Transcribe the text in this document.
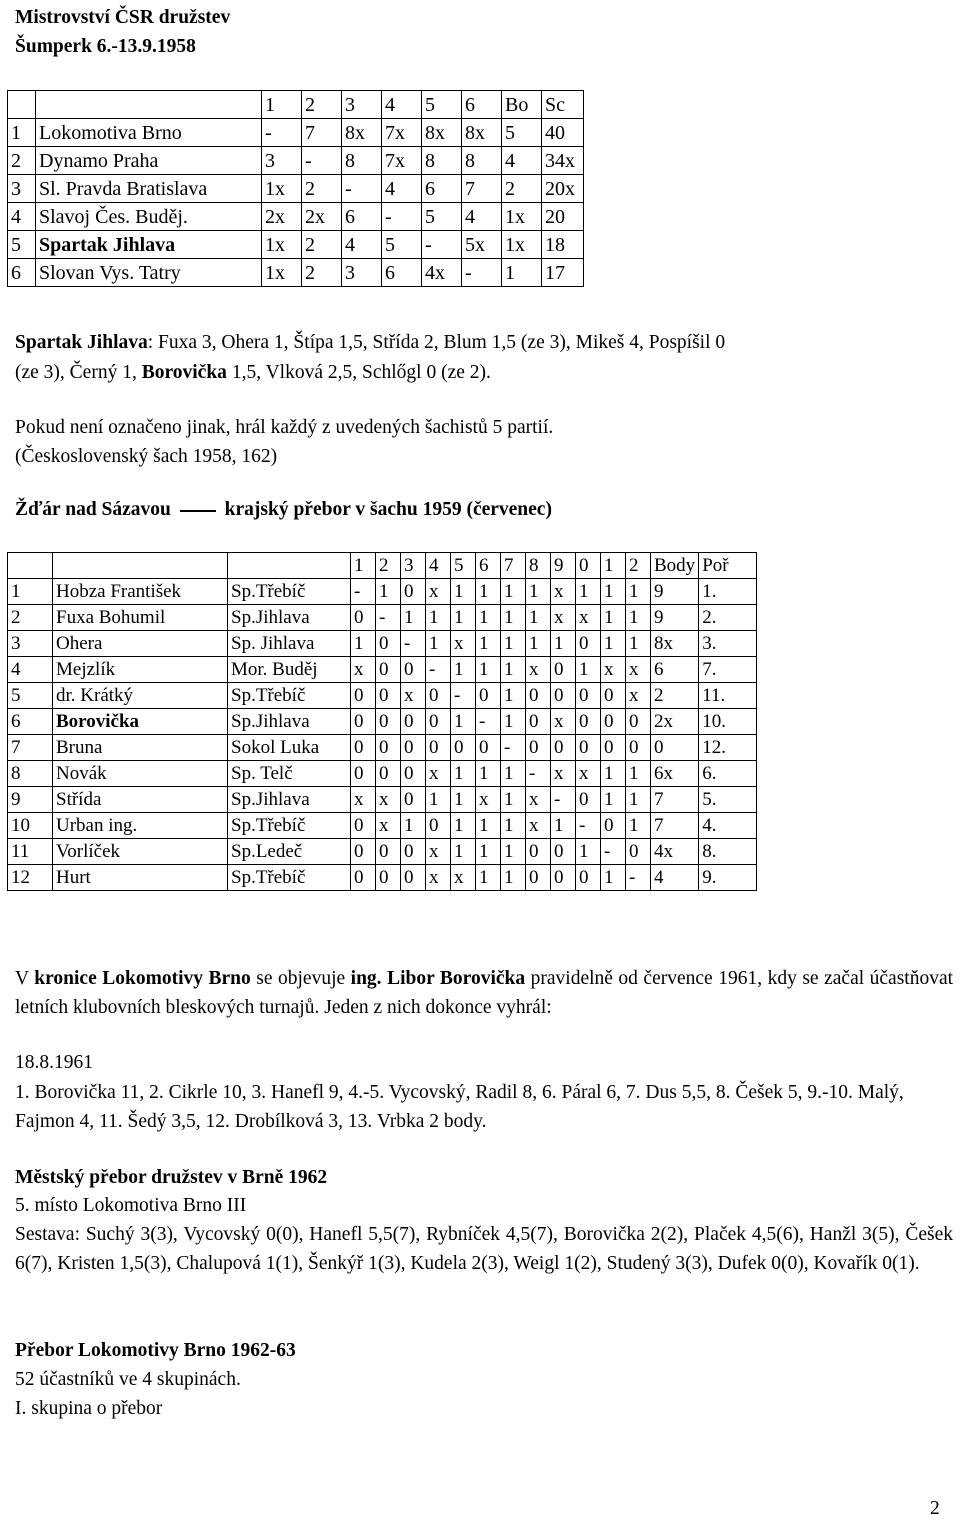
Mistrovství ČSR družstev
Šumperk 6.-13.9.1958
		1	2	3	4	5	6	Bo	Sc
1	Lokomotiva Brno	-	7	8x	7x	8x	8x	5	40
2	Dynamo Praha	3	-	8	7x	8	8	4	34x
3	Sl. Pravda Bratislava	1x	2	-	4	6	7	2	20x
4	Slavoj Čes. Buděj.	2x	2x	6	-	5	4	1x	20
5	Spartak Jihlava	1x	2	4	5	-	5x	1x	18
6	Slovan Vys. Tatry	1x	2	3	6	4x	-	1	17
Spartak Jihlava: Fuxa 3, Ohera 1, Štípa 1,5, Střída 2, Blum 1,5 (ze 3), Mikeš 4, Pospíšil 0
(ze 3), Černý 1, Borovička 1,5, Vlková 2,5, Schlőgl 0 (ze 2).
Pokud není označeno jinak, hrál každý z uvedených šachistů 5 partií.
(Československý šach 1958, 162)
Žďár nad Sázavou	krajský přebor v šachu 1959 (červenec)
			1	2	3	4	5	6	7	8	9	0	1	2	Body	Poř
1	Hobza František	Sp.Třebíč	-	1	0	x	1	1	1	1	x	1	1	1	9	1.
2	Fuxa Bohumil	Sp.Jihlava	0	-	1	1	1	1	1	1	x	x	1	1	9	2.
3	Ohera	Sp. Jihlava	1	0	-	1	x	1	1	1	1	0	1	1	8x	3.
4	Mejzlík	Mor. Buděj	x	0	0	-	1	1	1	x	0	1	x	x	6	7.
5	dr. Krátký	Sp.Třebíč	0	0	x	0	-	0	1	0	0	0	0	x	2	11.
6	Borovička	Sp.Jihlava	0	0	0	0	1	-	1	0	x	0	0	0	2x	10.
7	Bruna	Sokol Luka	0	0	0	0	0	0	-	0	0	0	0	0	0	12.
8	Novák	Sp. Telč	0	0	0	x	1	1	1	-	x	x	1	1	6x	6.
9	Střída	Sp.Jihlava	x	x	0	1	1	x	1	x	-	0	1	1	7	5.
10	Urban ing.	Sp.Třebíč	0	x	1	0	1	1	1	x	1	-	0	1	7	4.
11	Vorlíček	Sp.Ledeč	0	0	0	x	1	1	1	0	0	1	-	0	4x	8.
12	Hurt	Sp.Třebíč	0	0	0	x	x	1	1	0	0	0	1	-	4	9.
V kronice Lokomotivy Brno se objevuje ing. Libor Borovička pravidelně od července 1961, kdy se začal účastňovat letních klubovních bleskových turnajů. Jeden z nich dokonce vyhrál:
18.8.1961
1. Borovička 11, 2. Cikrle 10, 3. Hanefl 9, 4.-5. Vycovský, Radil 8, 6. Páral 6, 7. Dus 5,5, 8. Češek 5, 9.-10. Malý, Fajmon 4, 11. Šedý 3,5, 12. Drobílková 3, 13. Vrbka 2 body.
Městský přebor družstev v Brně 1962
5. místo Lokomotiva Brno III
Sestava: Suchý 3(3), Vycovský 0(0), Hanefl 5,5(7), Rybníček 4,5(7), Borovička 2(2), Plaček 4,5(6), Hanžl 3(5), Češek 6(7), Kristen 1,5(3), Chalupová 1(1), Šenkýř 1(3), Kudela 2(3), Weigl 1(2), Studený 3(3), Dufek 0(0), Kovařík 0(1).
Přebor Lokomotivy Brno 1962-63
52 účastníků ve 4 skupinách.
I. skupina o přebor
2
